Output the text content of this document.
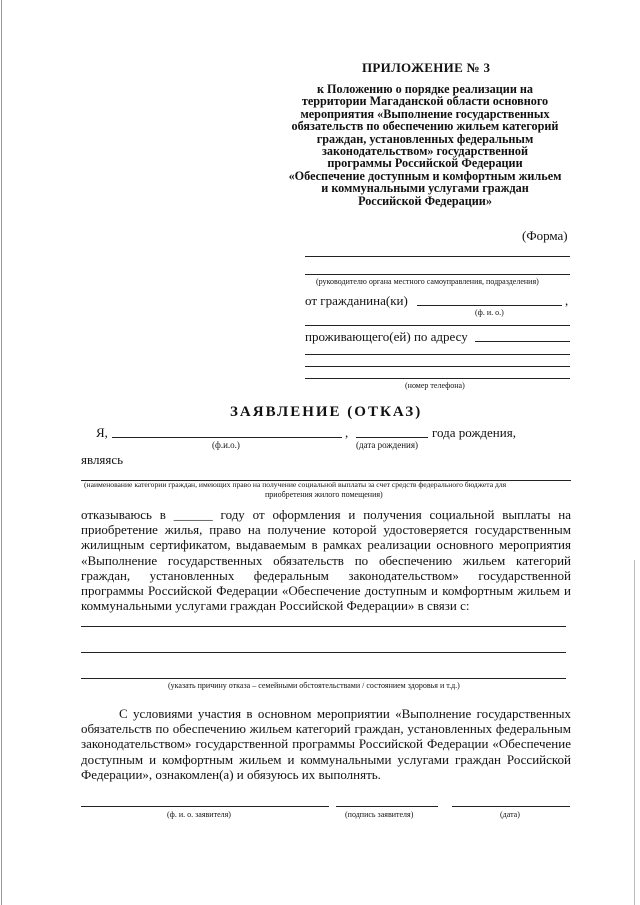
ПРИЛОЖЕНИЕ № 3
к Положению о порядке реализации на
территории Магаданской области основного
мероприятия «Выполнение государственных
обязательств по обеспечению жильем категорий
граждан, установленных федеральным
законодательством» государственной
программы Российской Федерации
«Обеспечение доступным и комфортным жильем
и коммунальными услугами граждан
Российской Федерации»
(Форма)
(руководителю органа местного самоуправления, подразделения)
от гражданина(ки)	,
(ф. и. о.)
проживающего(ей) по адресу
(номер телефона)
ЗАЯВЛЕНИЕ (ОТКАЗ)
Я,	,	года рождения,
(ф.и.о.)	(дата рождения)
являясь
(наименование категории граждан, имеющих право на получение социальной выплаты за счет средств федерального бюджета для
приобретения жилого помещения)
отказываюсь в ______ году от оформления и получения социальной выплаты на
приобретение жилья, право на получение которой удостоверяется государственным
жилищным сертификатом, выдаваемым в рамках реализации основного мероприятия
«Выполнение государственных обязательств по обеспечению жильем категорий
граждан, установленных федеральным законодательством» государственной
программы Российской Федерации «Обеспечение доступным и комфортным жильем и
коммунальными услугами граждан Российской Федерации» в связи с:
(указать причину отказа – семейными обстоятельствами / состоянием здоровья и т.д.)
С условиями участия в основном мероприятии «Выполнение государственных
обязательств по обеспечению жильем категорий граждан, установленных федеральным
законодательством» государственной программы Российской Федерации «Обеспечение
доступным и комфортным жильем и коммунальными услугами граждан Российской
Федерации», ознакомлен(а) и обязуюсь их выполнять.
(ф. и. о. заявителя)	(подпись заявителя)	(дата)
